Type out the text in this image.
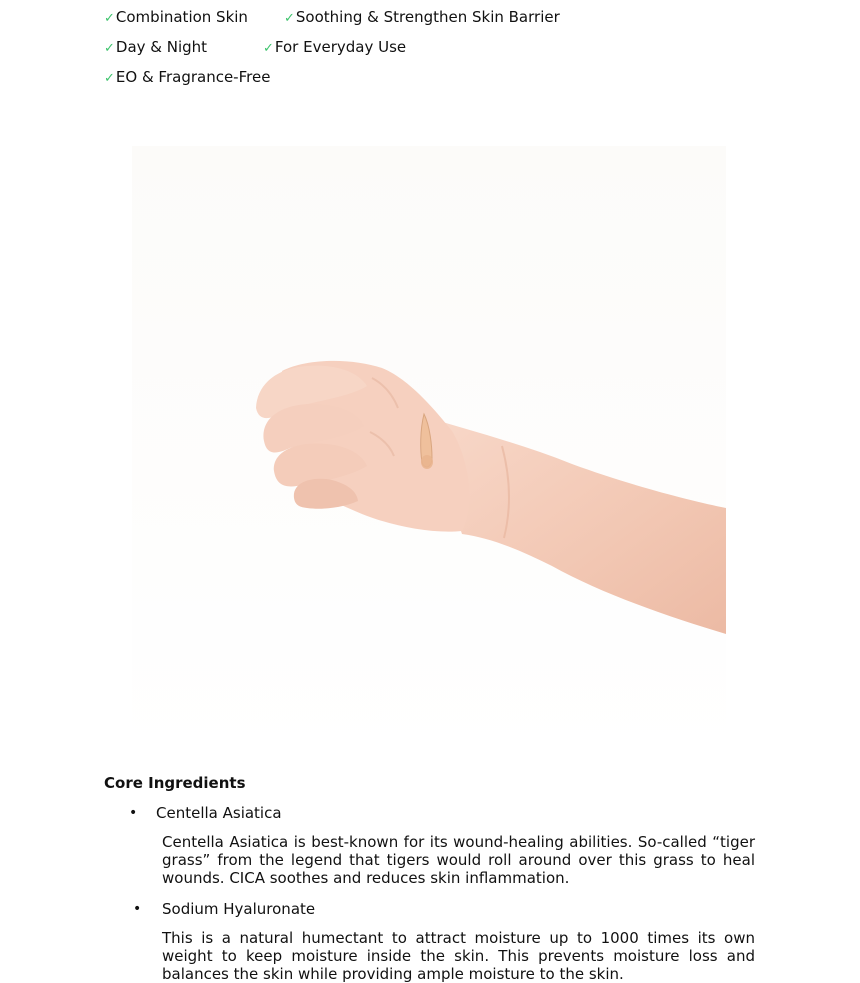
✓Combination Skin	✓Soothing & Strengthen Skin Barrier
✓Day & Night	✓For Everyday Use
✓EO & Fragrance-Free
Core Ingredients
• Centella Asiatica
Centella Asiatica is best-known for its wound-healing abilities. So-called “tiger grass” from the legend that tigers would roll around over this grass to heal wounds. CICA soothes and reduces skin inflammation.
• Sodium Hyaluronate
This is a natural humectant to attract moisture up to 1000 times its own weight to keep moisture inside the skin. This prevents moisture loss and balances the skin while providing ample moisture to the skin.
